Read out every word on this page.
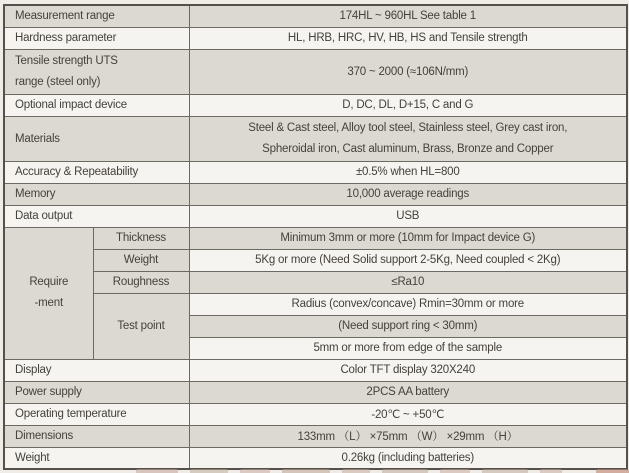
Measurement range		174HL ~ 960HL See table 1
Hardness parameter		HL, HRB, HRC, HV, HB, HS and Tensile strength

Tensile strength UTS
range (steel only)		370 ~ 2000 (≈106N/mm)
Optional impact device		D, DC, DL, D+15, C and G
Materials		Steel & Cast steel, Alloy tool steel, Stainless steel, Grey cast iron,
Spheroidal iron, Cast aluminum, Brass, Bronze and Copper

Accuracy & Repeatability		±0.5% when HL=800
Memory		10,000 average readings
Data output		USB

Require
-ment	Thickness	Minimum 3mm or more (10mm for Impact device G)
	Weight	5Kg or more (Need Solid support 2-5Kg, Need coupled < 2Kg)
	Roughness	≤Ra10
	Test point	Radius (convex/concave) Rmin=30mm or more
		(Need support ring < 30mm)
		5mm or more from edge of the sample
Display		Color TFT display 320X240
Power supply		2PCS AA battery
Operating temperature		-20℃ ~ +50℃
Dimensions		133mm （L） ×75mm （W） ×29mm （H）
Weight		0.26kg (including batteries)
